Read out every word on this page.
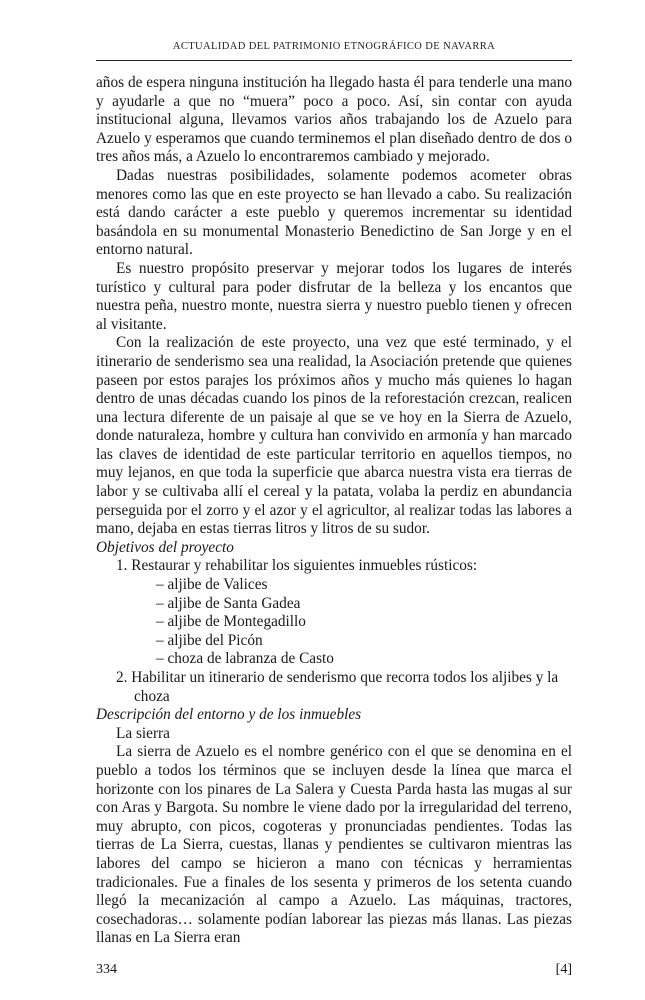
ACTUALIDAD DEL PATRIMONIO ETNOGRÁFICO DE NAVARRA

años de espera ninguna institución ha llegado hasta él para tenderle una mano y ayudarle a que no “muera” poco a poco. Así, sin contar con ayuda institucional alguna, llevamos varios años trabajando los de Azuelo para Azuelo y esperamos que cuando terminemos el plan diseñado dentro de dos o tres años más, a Azuelo lo encontraremos cambiado y mejorado.

Dadas nuestras posibilidades, solamente podemos acometer obras menores como las que en este proyecto se han llevado a cabo. Su realización está dando carácter a este pueblo y queremos incrementar su identidad basándola en su monumental Monasterio Benedictino de San Jorge y en el entorno natural.

Es nuestro propósito preservar y mejorar todos los lugares de interés turístico y cultural para poder disfrutar de la belleza y los encantos que nuestra peña, nuestro monte, nuestra sierra y nuestro pueblo tienen y ofrecen al visitante.

Con la realización de este proyecto, una vez que esté terminado, y el itinerario de senderismo sea una realidad, la Asociación pretende que quienes paseen por estos parajes los próximos años y mucho más quienes lo hagan dentro de unas décadas cuando los pinos de la reforestación crezcan, realicen una lectura diferente de un paisaje al que se ve hoy en la Sierra de Azuelo, donde naturaleza, hombre y cultura han convivido en armonía y han marcado las claves de identidad de este particular territorio en aquellos tiempos, no muy lejanos, en que toda la superficie que abarca nuestra vista era tierras de labor y se cultivaba allí el cereal y la patata, volaba la perdiz en abundancia perseguida por el zorro y el azor y el agricultor, al realizar todas las labores a mano, dejaba en estas tierras litros y litros de su sudor.

Objetivos del proyecto

1. Restaurar y rehabilitar los siguientes inmuebles rústicos:
– aljibe de Valices
– aljibe de Santa Gadea
– aljibe de Montegadillo
– aljibe del Picón
– choza de labranza de Casto
2. Habilitar un itinerario de senderismo que recorra todos los aljibes y la choza

Descripción del entorno y de los inmuebles

La sierra

La sierra de Azuelo es el nombre genérico con el que se denomina en el pueblo a todos los términos que se incluyen desde la línea que marca el horizonte con los pinares de La Salera y Cuesta Parda hasta las mugas al sur con Aras y Bargota. Su nombre le viene dado por la irregularidad del terreno, muy abrupto, con picos, cogoteras y pronunciadas pendientes. Todas las tierras de La Sierra, cuestas, llanas y pendientes se cultivaron mientras las labores del campo se hicieron a mano con técnicas y herramientas tradicionales. Fue a finales de los sesenta y primeros de los setenta cuando llegó la mecanización al campo a Azuelo. Las máquinas, tractores, cosechadoras… solamente podían laborear las piezas más llanas. Las piezas llanas en La Sierra eran

334	[4]
